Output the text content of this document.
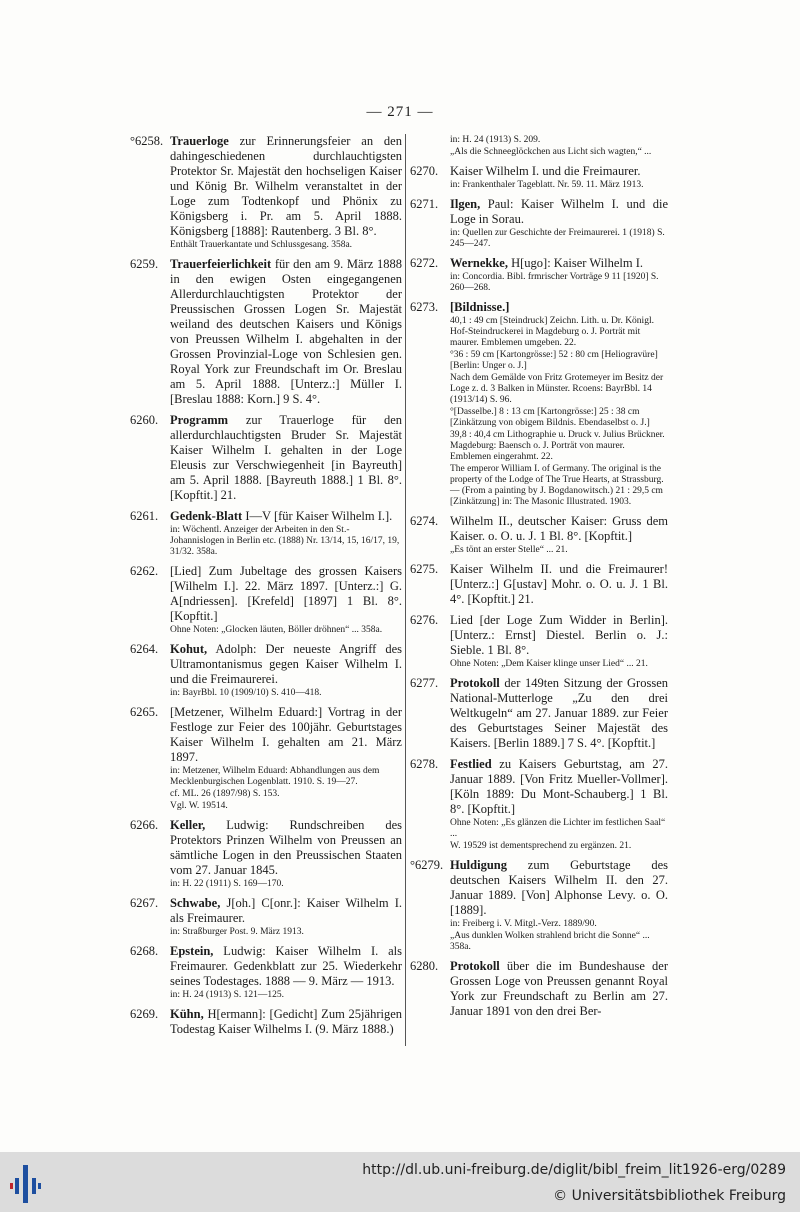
— 271 —
°6258. Trauerloge zur Erinnerungsfeier an den dahingeschiedenen durchlauchtigsten Protektor Sr. Majestät den hochseligen Kaiser und König Br. Wilhelm veranstaltet in der Loge zum Todtenkopf und Phönix zu Königsberg i. Pr. am 5. April 1888. Königsberg [1888]: Rautenberg. 3 Bl. 8°.
Enthält Trauerkantate und Schlussgesang. 358a.
6259. Trauerfeierlichkeit für den am 9. März 1888 in den ewigen Osten eingegangenen Allerdurchlauchtigsten Protektor der Preussischen Grossen Logen Sr. Majestät weiland des deutschen Kaisers und Königs von Preussen Wilhelm I. abgehalten in der Grossen Provinzial-Loge von Schlesien gen. Royal York zur Freundschaft im Or. Breslau am 5. April 1888. [Unterz.:] Müller I. [Breslau 1888: Korn.] 9 S. 4°.
6260. Programm zur Trauerloge für den allerdurchlauchtigsten Bruder Sr. Majestät Kaiser Wilhelm I. gehalten in der Loge Eleusis zur Verschwiegenheit [in Bayreuth] am 5. April 1888. [Bayreuth 1888.] 1 Bl. 8°. [Kopftit.] 21.
6261. Gedenk-Blatt I—V [für Kaiser Wilhelm I.].
in: Wöchentl. Anzeiger der Arbeiten in den St.-Johannislogen in Berlin etc. (1888) Nr. 13/14, 15, 16/17, 19, 31/32. 358a.
6262. [Lied] Zum Jubeltage des grossen Kaisers [Wilhelm I.]. 22. März 1897. [Unterz.:] G. A[ndriessen]. [Krefeld] [1897] 1 Bl. 8°. [Kopftit.]
Ohne Noten: „Glocken läuten, Böller dröhnen“ ... 358a.
6264. Kohut, Adolph: Der neueste Angriff des Ultramontanismus gegen Kaiser Wilhelm I. und die Freimaurerei.
in: BayrBbl. 10 (1909/10) S. 410—418.
6265. [Metzener, Wilhelm Eduard:] Vortrag in der Festloge zur Feier des 100jähr. Geburtstages Kaiser Wilhelm I. gehalten am 21. März 1897.
in: Metzener, Wilhelm Eduard: Abhandlungen aus dem Mecklenburgischen Logenblatt. 1910. S. 19—27.
cf. ML. 26 (1897/98) S. 153.
Vgl. W. 19514.
6266. Keller, Ludwig: Rundschreiben des Protektors Prinzen Wilhelm von Preussen an sämtliche Logen in den Preussischen Staaten vom 27. Januar 1845.
in: H. 22 (1911) S. 169—170.
6267. Schwabe, J[oh.] C[onr.]: Kaiser Wilhelm I. als Freimaurer.
in: Straßburger Post. 9. März 1913.
6268. Epstein, Ludwig: Kaiser Wilhelm I. als Freimaurer. Gedenkblatt zur 25. Wiederkehr seines Todestages. 1888 — 9. März — 1913.
in: H. 24 (1913) S. 121—125.
6269. Kühn, H[ermann]: [Gedicht] Zum 25jährigen Todestag Kaiser Wilhelms I. (9. März 1888.)
in: H. 24 (1913) S. 209.
„Als die Schneeglöckchen aus Licht sich wagten,“ ...
6270. Kaiser Wilhelm I. und die Freimaurer.
in: Frankenthaler Tageblatt. Nr. 59. 11. März 1913.
6271. Ilgen, Paul: Kaiser Wilhelm I. und die Loge in Sorau.
in: Quellen zur Geschichte der Freimaurerei. 1 (1918) S. 245—247.
6272. Wernekke, H[ugo]: Kaiser Wilhelm I.
in: Concordia. Bibl. frmrischer Vorträge 9 11 [1920] S. 260—268.
6273. [Bildnisse.]
40,1 : 49 cm [Steindruck] Zeichn. Lith. u. Dr. Königl. Hof-Steindruckerei in Magdeburg o. J. Porträt mit maurer. Emblemen umgeben. 22.
°36 : 59 cm [Kartongrösse:] 52 : 80 cm [Heliogravüre] [Berlin: Unger o. J.]
Nach dem Gemälde von Fritz Grotemeyer im Besitz der Loge z. d. 3 Balken in Münster. Rcoens: BayrBbl. 14 (1913/14) S. 96.
°[Dasselbe.] 8 : 13 cm [Kartongrösse:] 25 : 38 cm [Zinkätzung von obigem Bildnis. Ebendaselbst o. J.]
39,8 : 40,4 cm Lithographie u. Druck v. Julius Brückner. Magdeburg: Baensch o. J. Porträt von maurer. Emblemen eingerahmt. 22.
The emperor William I. of Germany. The original is the property of the Lodge of The True Hearts, at Strassburg. — (From a painting by J. Bogdanowitsch.) 21 : 29,5 cm [Zinkätzung] in: The Masonic Illustrated. 1903.
6274. Wilhelm II., deutscher Kaiser: Gruss dem Kaiser. o. O. u. J. 1 Bl. 8°. [Kopftit.]
„Es tönt an erster Stelle“ ... 21.
6275. Kaiser Wilhelm II. und die Freimaurer! [Unterz.:] G[ustav] Mohr. o. O. u. J. 1 Bl. 4°. [Kopftit.] 21.
6276. Lied [der Loge Zum Widder in Berlin]. [Unterz.: Ernst] Diestel. Berlin o. J.: Sieble. 1 Bl. 8°.
Ohne Noten: „Dem Kaiser klinge unser Lied“ ... 21.
6277. Protokoll der 149ten Sitzung der Grossen National-Mutterloge „Zu den drei Weltkugeln“ am 27. Januar 1889. zur Feier des Geburtstages Seiner Majestät des Kaisers. [Berlin 1889.] 7 S. 4°. [Kopftit.]
6278. Festlied zu Kaisers Geburtstag, am 27. Januar 1889. [Von Fritz Mueller-Vollmer]. [Köln 1889: Du Mont-Schauberg.] 1 Bl. 8°. [Kopftit.]
Ohne Noten: „Es glänzen die Lichter im festlichen Saal“ ...
W. 19529 ist dementsprechend zu ergänzen. 21.
°6279. Huldigung zum Geburtstage des deutschen Kaisers Wilhelm II. den 27. Januar 1889. [Von] Alphonse Levy. o. O. [1889].
in: Freiberg i. V. Mitgl.-Verz. 1889/90.
„Aus dunklen Wolken strahlend bricht die Sonne“ ... 358a.
6280. Protokoll über die im Bundeshause der Grossen Loge von Preussen genannt Royal York zur Freundschaft zu Berlin am 27. Januar 1891 von den drei Ber-
http://dl.ub.uni-freiburg.de/diglit/bibl_freim_lit1926-erg/0289
© Universitätsbibliothek Freiburg
